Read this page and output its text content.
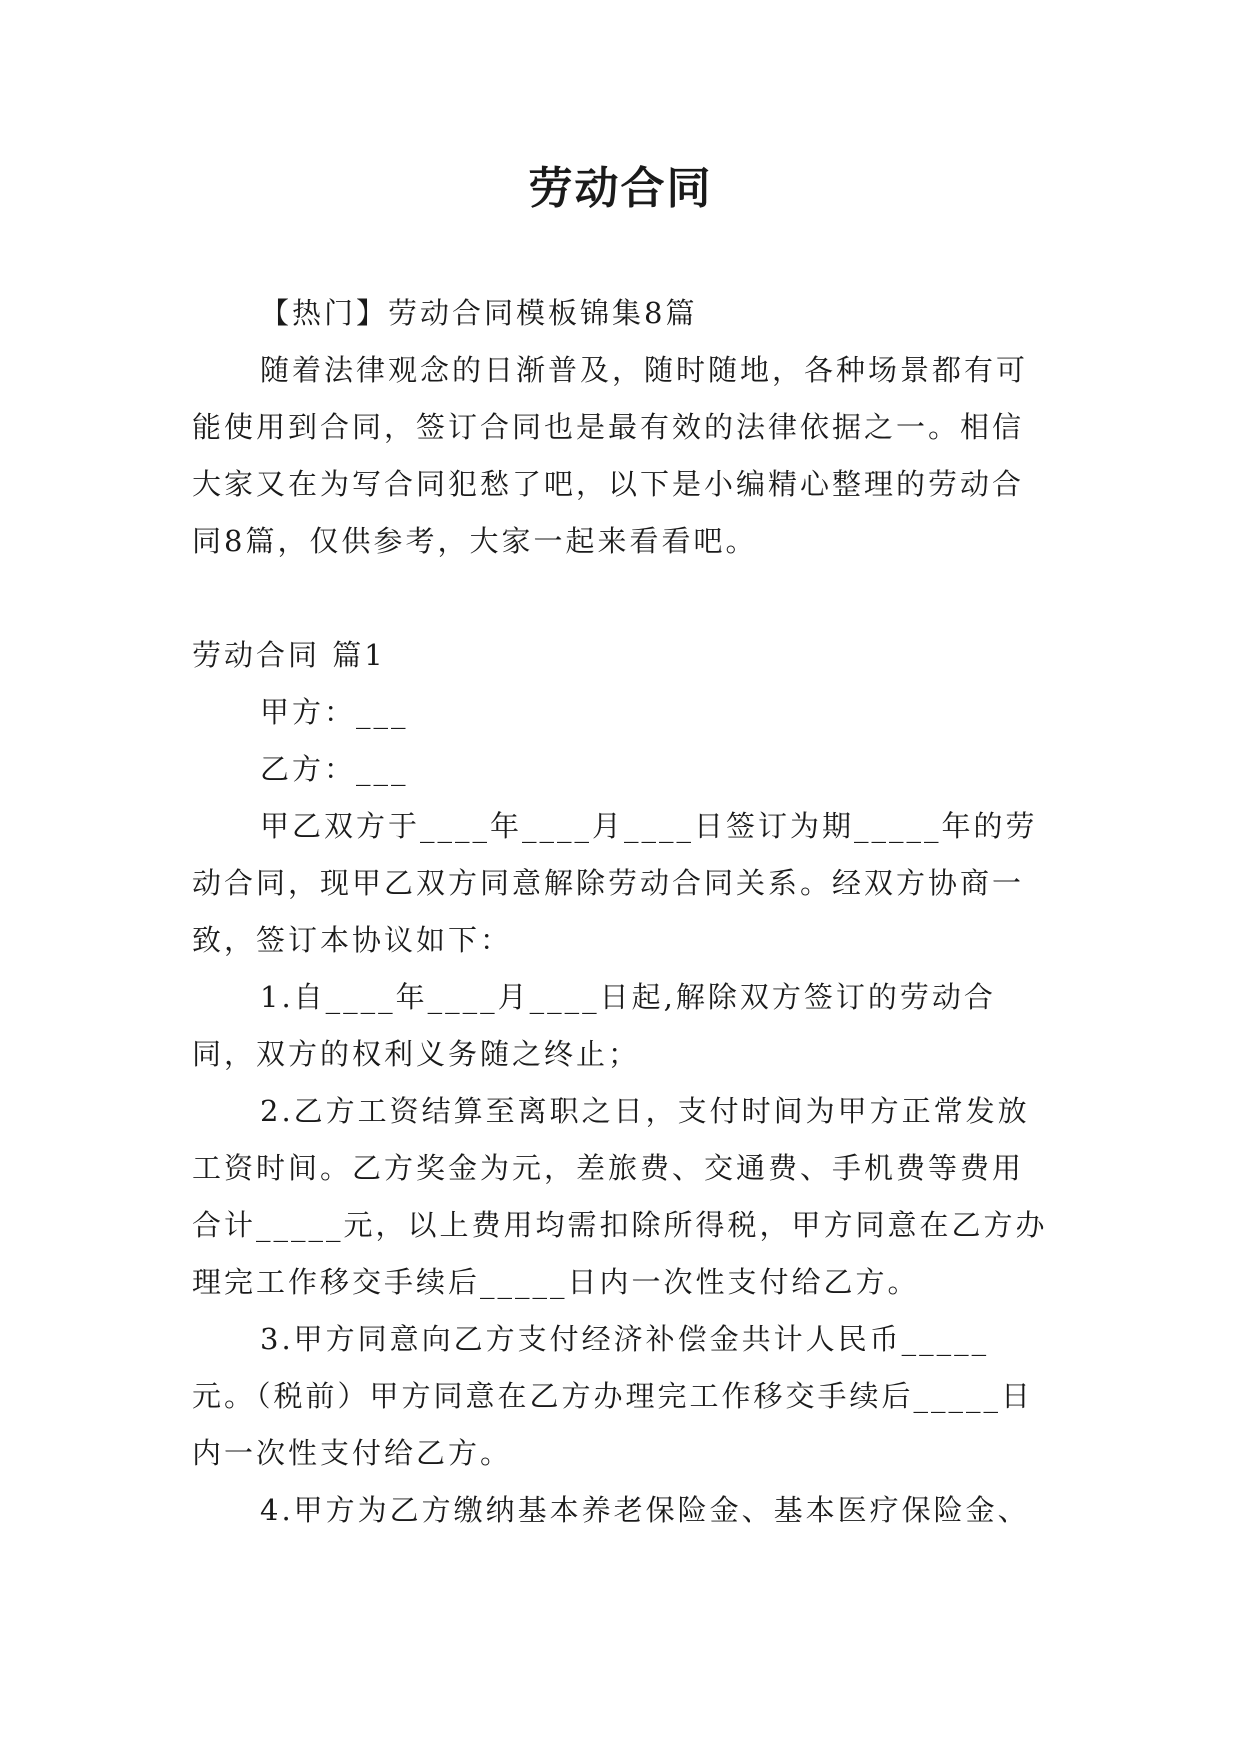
劳动合同

【热门】劳动合同模板锦集8篇

随着法律观念的日渐普及，随时随地，各种场景都有可能使用到合同，签订合同也是最有效的法律依据之一。相信大家又在为写合同犯愁了吧，以下是小编精心整理的劳动合同8篇，仅供参考，大家一起来看看吧。

劳动合同 篇1

甲方：___

乙方：___

甲乙双方于____年____月____日签订为期_____年的劳动合同，现甲乙双方同意解除劳动合同关系。经双方协商一致，签订本协议如下：

1.自____年____月____日起,解除双方签订的劳动合同，双方的权利义务随之终止；

2.乙方工资结算至离职之日，支付时间为甲方正常发放工资时间。乙方奖金为元，差旅费、交通费、手机费等费用合计_____元，以上费用均需扣除所得税，甲方同意在乙方办理完工作移交手续后_____日内一次性支付给乙方。

3.甲方同意向乙方支付经济补偿金共计人民币_____元。（税前）甲方同意在乙方办理完工作移交手续后_____日内一次性支付给乙方。

4.甲方为乙方缴纳基本养老保险金、基本医疗保险金、
